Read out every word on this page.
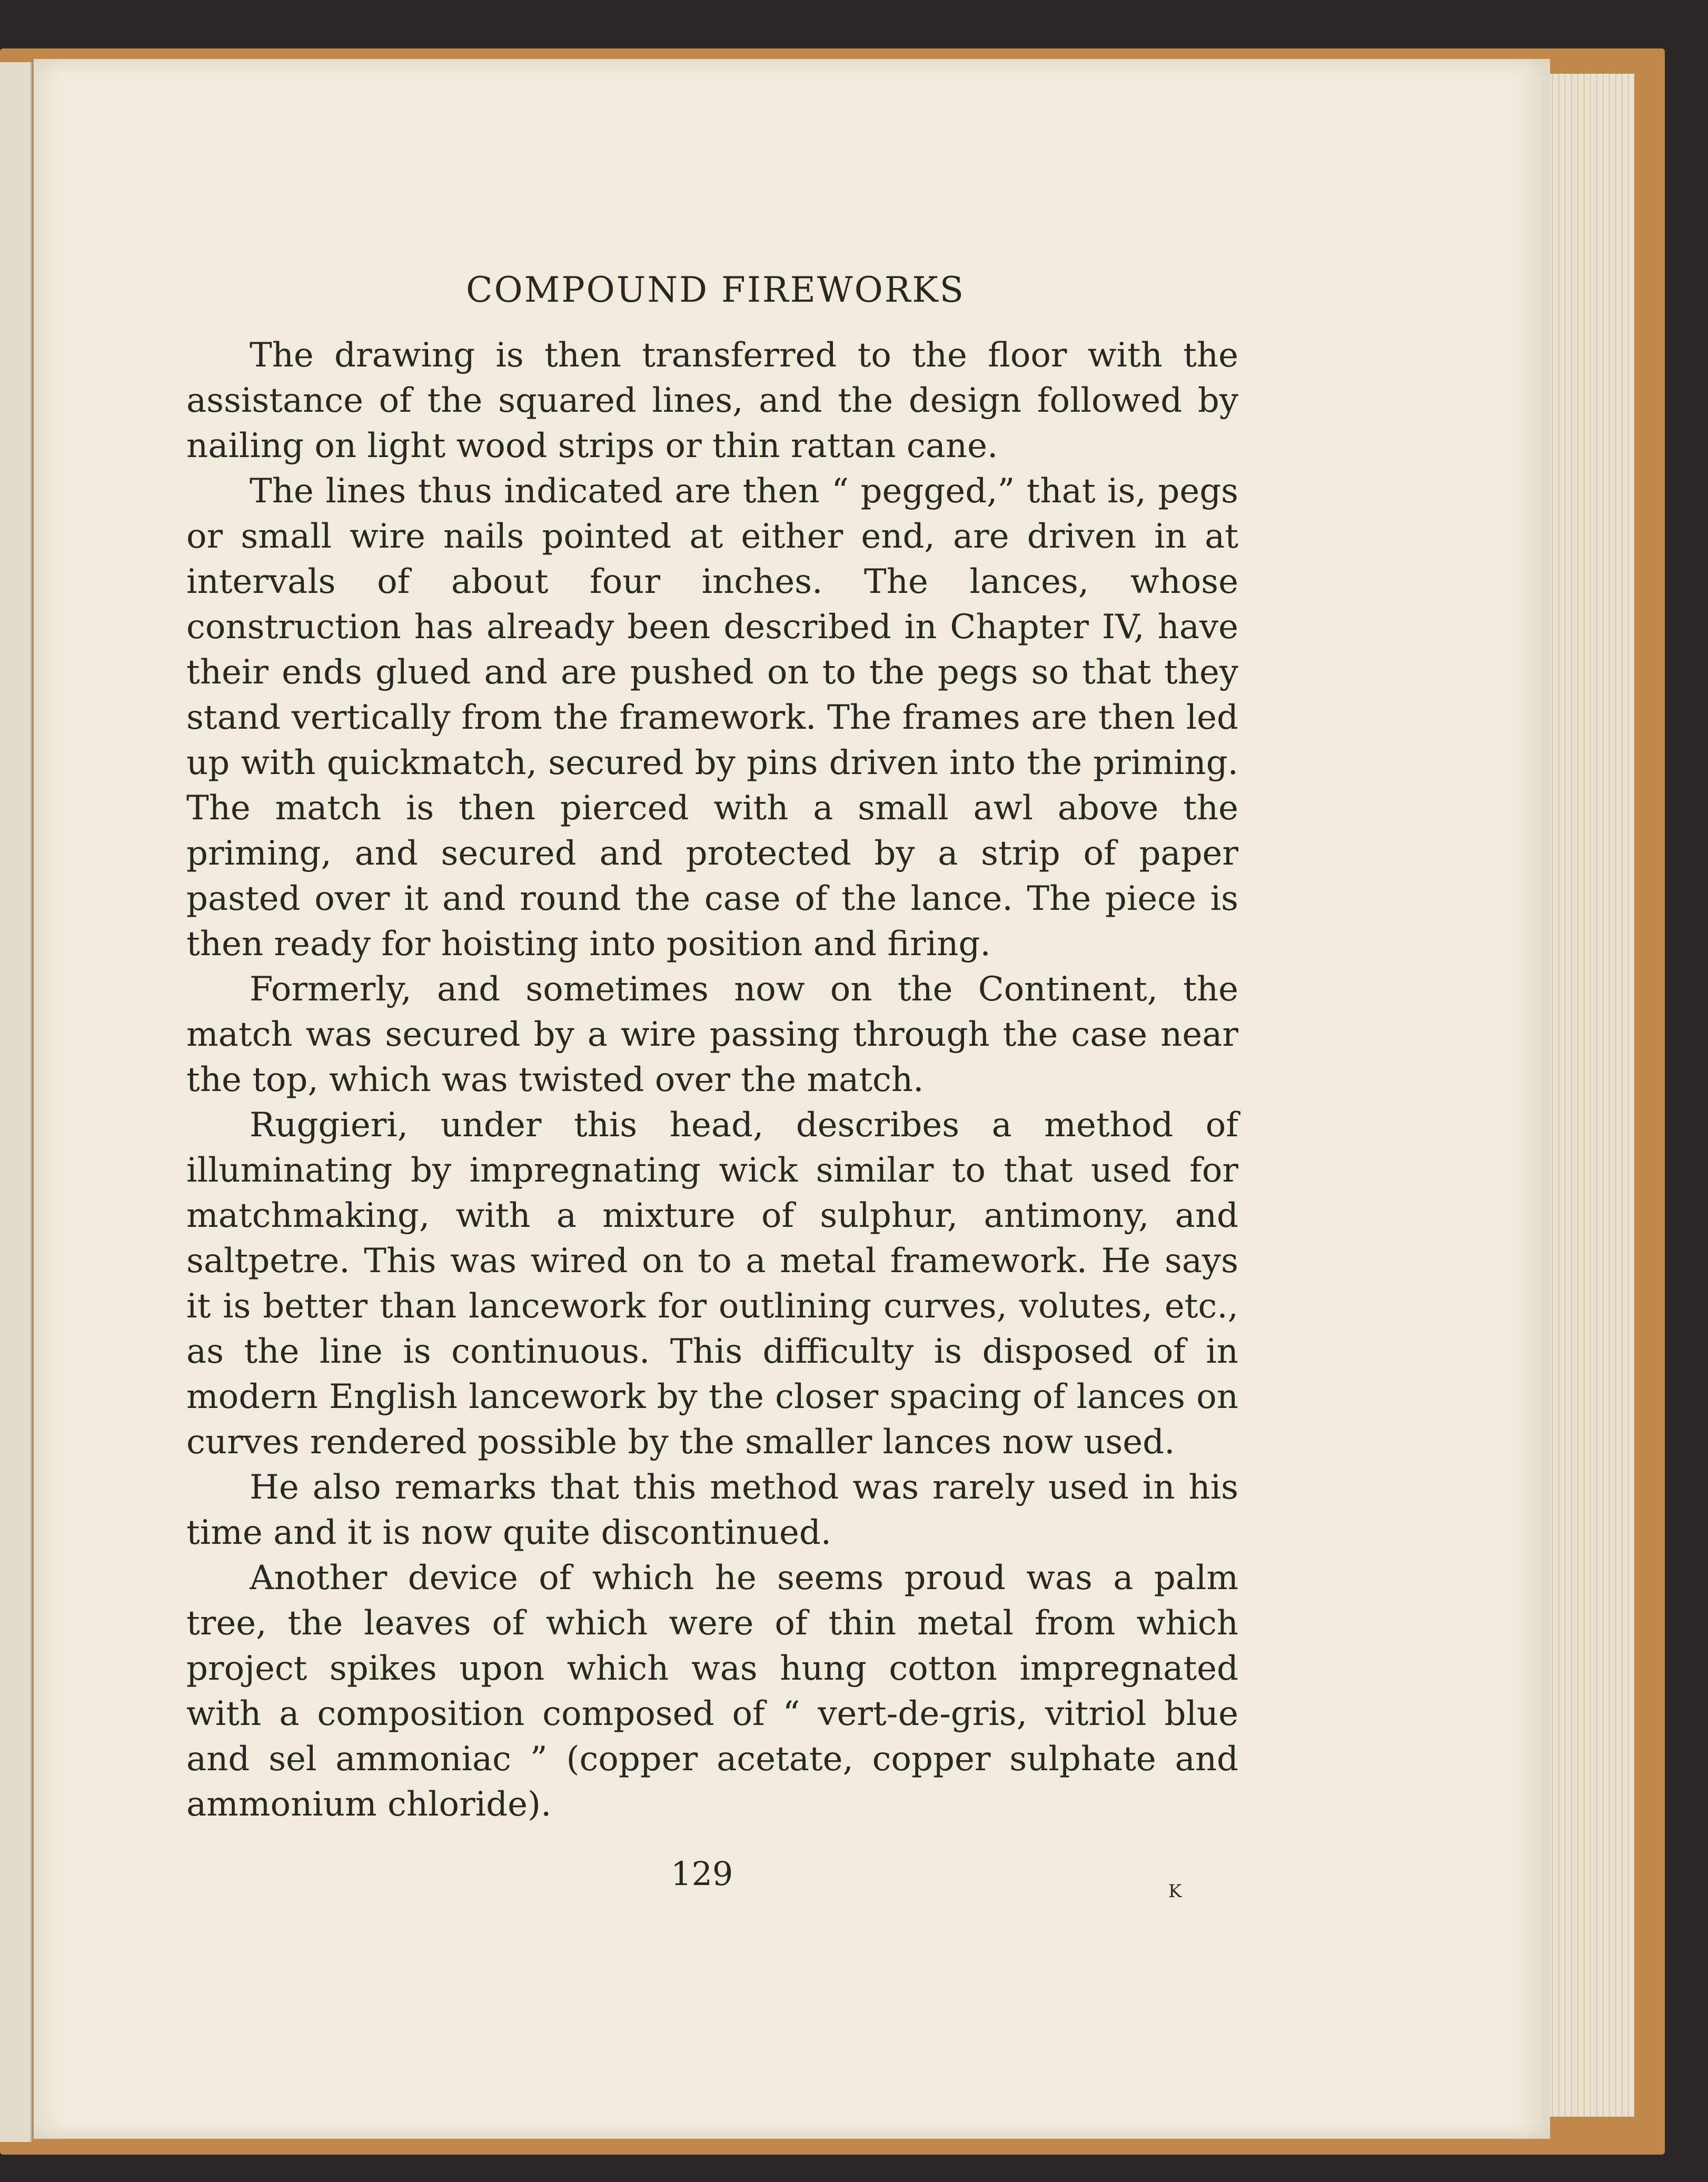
COMPOUND FIREWORKS

The drawing is then transferred to the floor with the assistance of the squared lines, and the design followed by nailing on light wood strips or thin rattan cane.

The lines thus indicated are then “ pegged,” that is, pegs or small wire nails pointed at either end, are driven in at intervals of about four inches. The lances, whose construction has already been described in Chapter IV, have their ends glued and are pushed on to the pegs so that they stand vertically from the framework. The frames are then led up with quickmatch, secured by pins driven into the priming. The match is then pierced with a small awl above the priming, and secured and protected by a strip of paper pasted over it and round the case of the lance. The piece is then ready for hoisting into position and firing.

Formerly, and sometimes now on the Continent, the match was secured by a wire passing through the case near the top, which was twisted over the match.

Ruggieri, under this head, describes a method of illuminating by impregnating wick similar to that used for matchmaking, with a mixture of sulphur, antimony, and saltpetre. This was wired on to a metal framework. He says it is better than lancework for outlining curves, volutes, etc., as the line is continuous. This difficulty is disposed of in modern English lancework by the closer spacing of lances on curves rendered possible by the smaller lances now used.

He also remarks that this method was rarely used in his time and it is now quite discontinued.

Another device of which he seems proud was a palm tree, the leaves of which were of thin metal from which project spikes upon which was hung cotton impregnated with a composition composed of “ vert-de-gris, vitriol blue and sel ammoniac ” (copper acetate, copper sulphate and ammonium chloride).

129	K
